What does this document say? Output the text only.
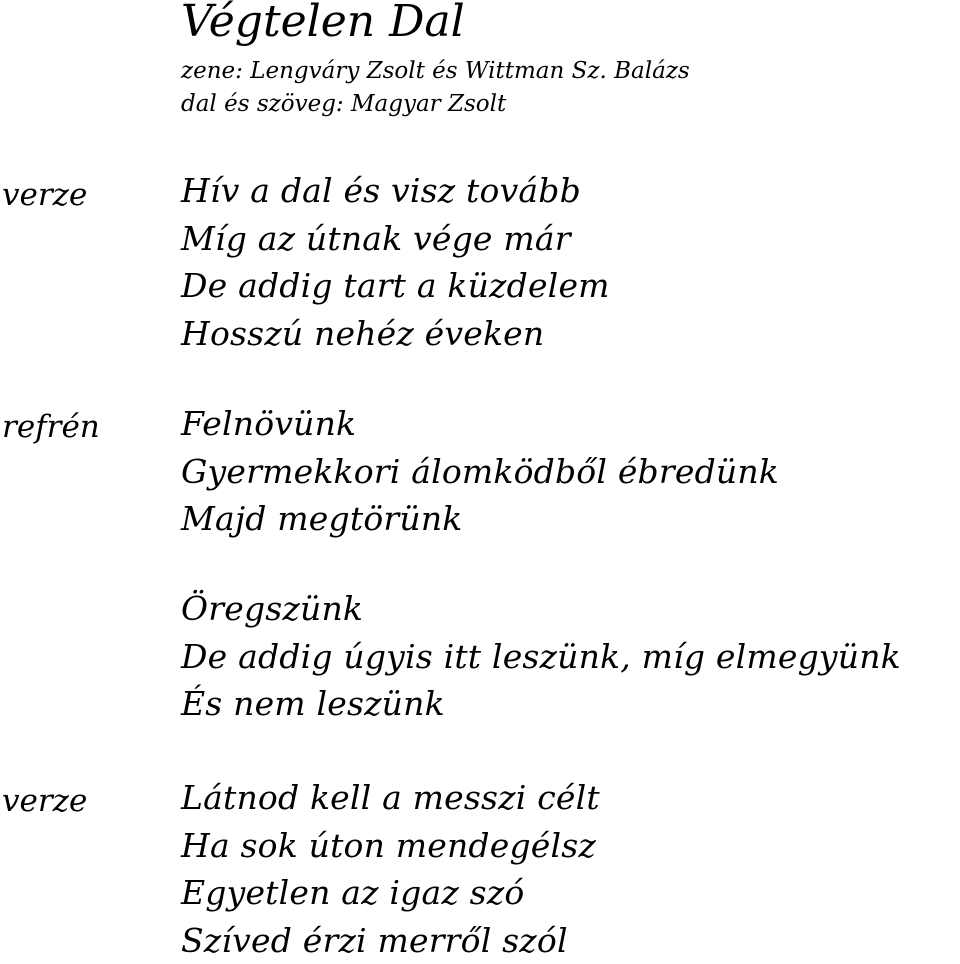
Végtelen Dal
zene: Lengváry Zsolt és Wittman Sz. Balázs
dal és szöveg: Magyar Zsolt
verze	Hív a dal és visz tovább
Míg az útnak vége már
De addig tart a küzdelem
Hosszú nehéz éveken
refrén Felnövünk
Gyermekkori álomködből ébredünk
Majd megtörünk
Öregszünk
De addig úgyis itt leszünk, míg elmegyünk
És nem leszünk
verze	Látnod kell a messzi célt
Ha sok úton mendegélsz
Egyetlen az igaz szó
Szíved érzi merről szól
